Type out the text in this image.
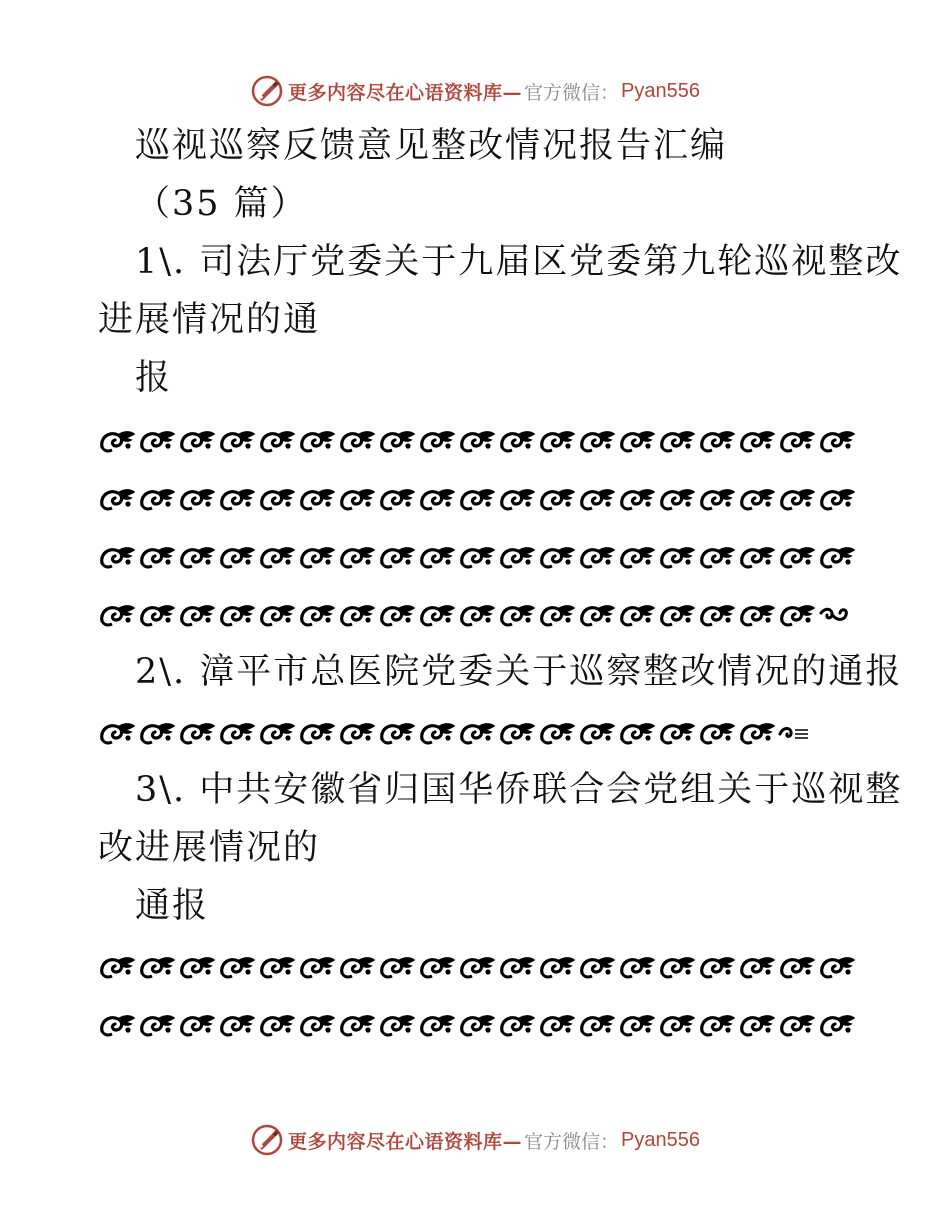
更多内容尽在心语资料库— 官方微信： Pyan556

巡视巡察反馈意见整改情况报告汇编

（35 篇）

1\. 司法厅党委关于九届区党委第九轮巡视整改

进展情况的通

报

2\. 漳平市总医院党委关于巡察整改情况的通报

3\. 中共安徽省归国华侨联合会党组关于巡视整

改进展情况的

通报

更多内容尽在心语资料库— 官方微信： Pyan556
